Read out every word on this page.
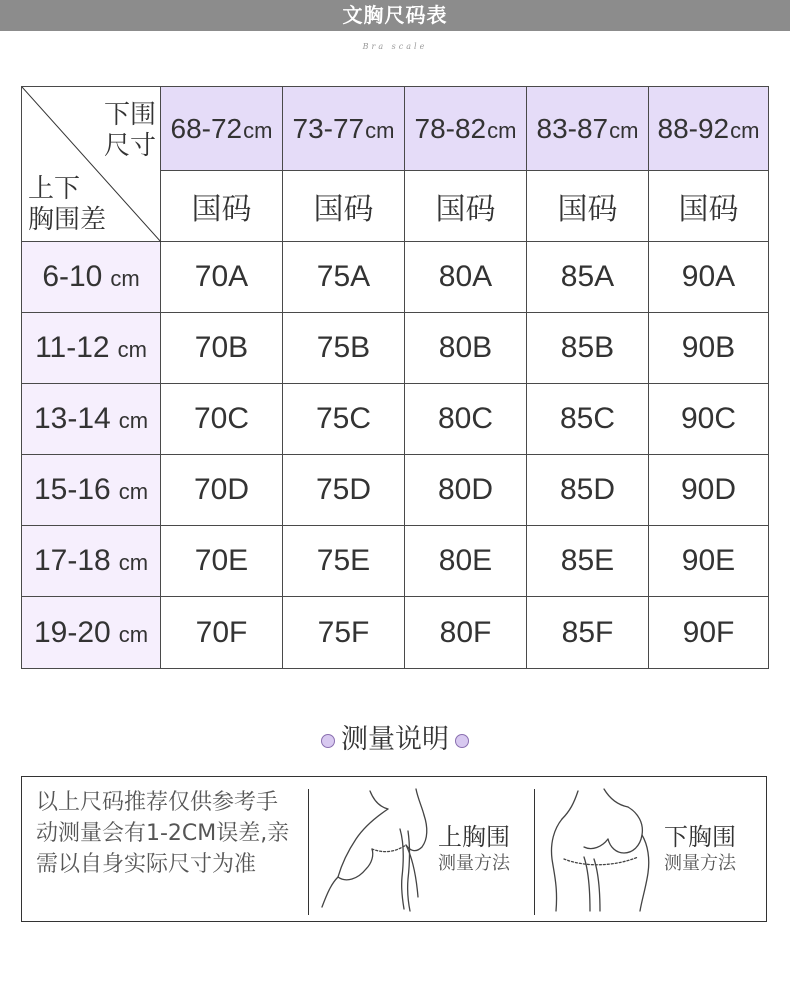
文胸尺码表
Bra scale
下围
尺寸
上下
胸围差	68-72cm	73-77cm	78-82cm	83-87cm	88-92cm
	国码	国码	国码	国码	国码
6-10 cm	70A	75A	80A	85A	90A
11-12 cm	70B	75B	80B	85B	90B
13-14 cm	70C	75C	80C	85C	90C
15-16 cm	70D	75D	80D	85D	90D
17-18 cm	70E	75E	80E	85E	90E
19-20 cm	70F	75F	80F	85F	90F
测量说明
以上尺码推荐仅供参考手动测量会有1-2CM误差,亲需以自身实际尺寸为准
上胸围
测量方法
下胸围
测量方法
